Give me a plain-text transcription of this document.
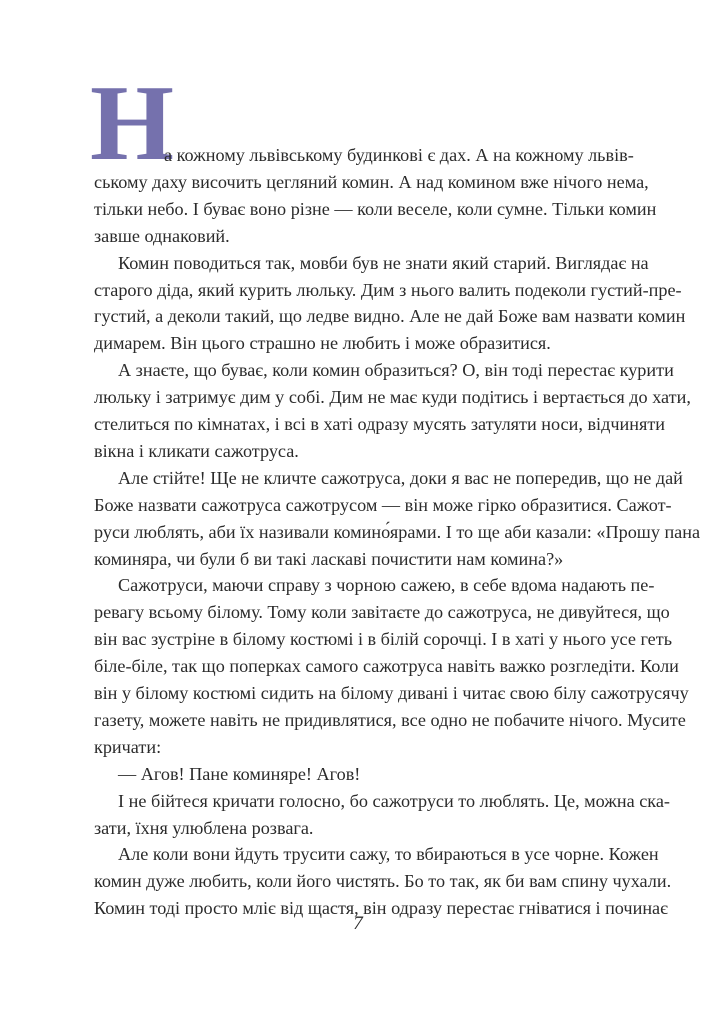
Н
а кожному львівському будинкові є дах. А на кожному львів-
ському даху височить цегляний комин. А над комином вже нічого нема,
тільки небо. І буває воно різне — коли веселе, коли сумне. Тільки комин
завше однаковий.
Комин поводиться так, мовби був не знати який старий. Виглядає на
старого діда, який курить люльку. Дим з нього валить подеколи густий-пре-
густий, а деколи такий, що ледве видно. Але не дай Боже вам назвати комин
димарем. Він цього страшно не любить і може образитися.
А знаєте, що буває, коли комин образиться? О, він тоді перестає курити
люльку і затримує дим у собі. Дим не має куди подітись і вертається до хати,
стелиться по кімнатах, і всі в хаті одразу мусять затуляти носи, відчиняти
вікна і кликати сажотруса.
Але стійте! Ще не кличте сажотруса, доки я вас не попередив, що не дай
Боже назвати сажотруса сажотрусом — він може гірко образитися. Сажот-
руси люблять, аби їх називали комино́ярами. І то ще аби казали: «Прошу пана
коминяра, чи були б ви такі ласкаві почистити нам комина?»
Сажотруси, маючи справу з чорною сажею, в себе вдома надають пе-
ревагу всьому білому. Тому коли завітаєте до сажотруса, не дивуйтеся, що
він вас зустріне в білому костюмі і в білій сорочці. І в хаті у нього усе геть
біле-біле, так що поперках самого сажотруса навіть важко розгледіти. Коли
він у білому костюмі сидить на білому дивані і читає свою білу сажотрусячу
газету, можете навіть не придивлятися, все одно не побачите нічого. Мусите
кричати:
— Агов! Пане коминяре! Агов!
І не бійтеся кричати голосно, бо сажотруси то люблять. Це, можна ска-
зати, їхня улюблена розвага.
7
Але коли вони йдуть трусити сажу, то вбираються в усе чорне. Кожен
комин дуже любить, коли його чистять. Бо то так, як би вам спину чухали.
Комин тоді просто мліє від щастя, він одразу перестає гніватися і починає
